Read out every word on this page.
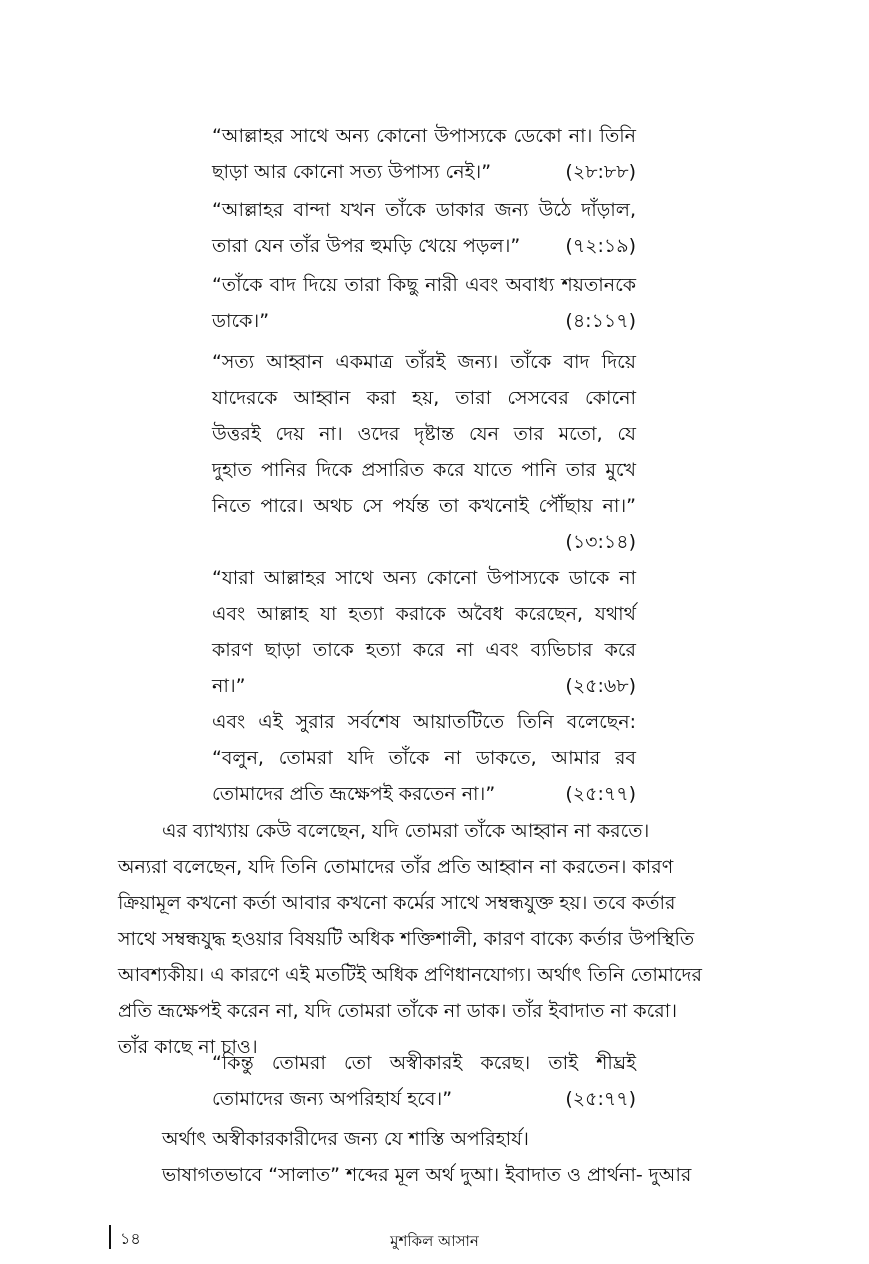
“আল্লাহর সাথে অন্য কোনো উপাস্যকে ডেকো না। তিনি
ছাড়া আর কোনো সত্য উপাস্য নেই।”	(২৮:৮৮)
“আল্লাহর বান্দা যখন তাঁকে ডাকার জন্য উঠে দাঁড়াল,
তারা যেন তাঁর উপর হুমড়ি খেয়ে পড়ল।” (৭২:১৯)
“তাঁকে বাদ দিয়ে তারা কিছু নারী এবং অবাধ্য শয়তানকে
ডাকে।”	(৪:১১৭)
“সত্য আহ্বান একমাত্র তাঁরই জন্য। তাঁকে বাদ দিয়ে
যাদেরকে আহ্বান করা হয়, তারা সেসবের কোনো
উত্তরই দেয় না। ওদের দৃষ্টান্ত যেন তার মতো, যে
দুহাত পানির দিকে প্রসারিত করে যাতে পানি তার মুখে
নিতে পারে। অথচ সে পর্যন্ত তা কখনোই পৌঁছায় না।”
(১৩:১৪)
“যারা আল্লাহর সাথে অন্য কোনো উপাস্যকে ডাকে না
এবং আল্লাহ যা হত্যা করাকে অবৈধ করেছেন, যথার্থ
কারণ ছাড়া তাকে হত্যা করে না এবং ব্যভিচার করে
না।”	(২৫:৬৮)
এবং এই সুরার সর্বশেষ আয়াতটিতে তিনি বলেছেন:
“বলুন, তোমরা যদি তাঁকে না ডাকতে, আমার রব
তোমাদের প্রতি ভ্রূক্ষেপই করতেন না।”	(২৫:৭৭)
এর ব্যাখ্যায় কেউ বলেছেন, যদি তোমরা তাঁকে আহ্বান না করতে।
অন্যরা বলেছেন, যদি তিনি তোমাদের তাঁর প্রতি আহ্বান না করতেন। কারণ
ক্রিয়ামূল কখনো কর্তা আবার কখনো কর্মের সাথে সম্বন্ধযুক্ত হয়। তবে কর্তার
সাথে সম্বন্ধযুদ্ধ হওয়ার বিষয়টি অধিক শক্তিশালী, কারণ বাক্যে কর্তার উপস্থিতি
আবশ্যকীয়। এ কারণে এই মতটিই অধিক প্রণিধানযোগ্য। অর্থাৎ তিনি তোমাদের
প্রতি ভ্রূক্ষেপই করেন না, যদি তোমরা তাঁকে না ডাক। তাঁর ইবাদাত না করো।
তাঁর কাছে না চাও।
“কিন্তু তোমরা তো অস্বীকারই করেছ। তাই শীঘ্রই
তোমাদের জন্য অপরিহার্য হবে।”	(২৫:৭৭)
অর্থাৎ অস্বীকারকারীদের জন্য যে শাস্তি অপরিহার্য।
ভাষাগতভাবে “সালাত” শব্দের মূল অর্থ দুআ। ইবাদাত ও প্রার্থনা- দুআর
১৪	মুশকিল আসান
